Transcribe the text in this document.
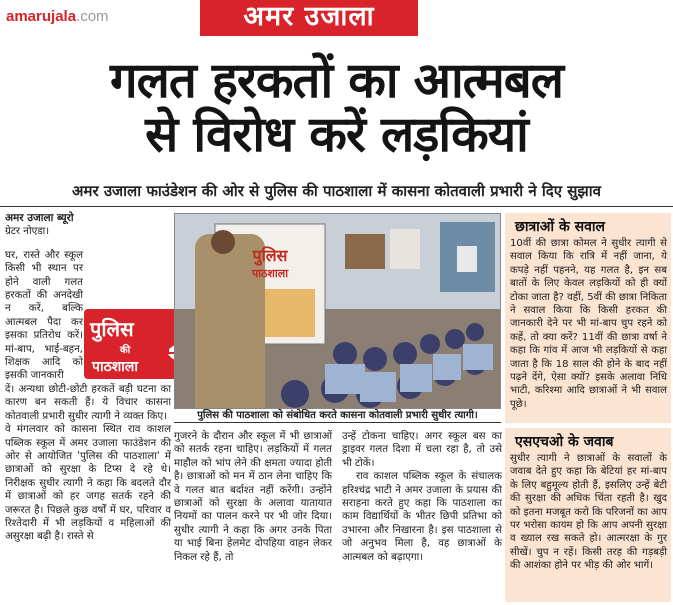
amarujala.com	अमर उजाला
गलत हरकतों का आत्मबल
से विरोध करें लड़कियां
अमर उजाला फाउंडेशन की ओर से पुलिस की पाठशाला में कासना कोतवाली प्रभारी ने दिए सुझाव

अमर उजाला ब्यूरो

ग्रेटर नोएडा।

घर, रास्ते और स्कूल किसी भी स्थान पर होने वाली गलत हरकतों की अनदेखी न करें, बल्कि आत्मबल पैदा कर इसका प्रतिरोध करें। मां-बाप, भाई-बहन, शिक्षक आदि को इसकी जानकारी

दें। अन्यथा छोटी-छोटी हरकतें बड़ी घटना का कारण बन सकती हैं। ये विचार कासना कोतवाली प्रभारी सुधीर त्यागी ने व्यक्त किए।

वे मंगलवार को कासना स्थित राव काशल पब्लिक स्कूल में अमर उजाला फाउंडेशन की ओर से आयोजित 'पुलिस की पाठशाला' में छात्राओं को सुरक्षा के टिप्स दे रहे थे। निरीक्षक सुधीर त्यागी ने कहा कि बदलते दौर में छात्राओं को हर जगह सतर्क रहने की जरूरत है। पिछले कुछ वर्षों में घर, परिवार व रिश्तेदारी में भी लड़कियों व महिलाओं की असुरक्षा बढ़ी है। रास्ते से

पुलिस
की
पाठशाला
पुलिस
पाठशाला
पुलिस की पाठशाला को संबोधित करते कासना कोतवाली प्रभारी सुधीर त्यागी।

गुजरने के दौरान और स्कूल में भी छात्राओं को सतर्क रहना चाहिए। लड़कियों में गलत माहौल को भांप लेने की क्षमता ज्यादा होती है। छात्राओं को मन में ठान लेना चाहिए कि वे गलत बात बर्दाश्त नहीं करेंगी। उन्होंने छात्राओं को सुरक्षा के अलावा यातायात नियमों का पालन करने पर भी जोर दिया। सुधीर त्यागी ने कहा कि अगर उनके पिता या भाई बिना हेलमेट दोपहिया वाहन लेकर निकल रहे हैं, तो

उन्हें टोकना चाहिए। अगर स्कूल बस का ड्राइवर गलत दिशा में चला रहा है, तो उसे भी टोकें।

राव काशल पब्लिक स्कूल के संचालक हरिश्चंद्र भाटी ने अमर उजाला के प्रयास की सराहना करते हुए कहा कि पाठशाला का काम विद्यार्थियों के भीतर छिपी प्रतिभा को उभारना और निखारना है। इस पाठशाला से जो अनुभव मिला है, वह छात्राओं के आत्मबल को बढ़ाएगा।

छात्राओं के सवाल
10वीं की छात्रा कोमल ने सुधीर त्यागी से सवाल किया कि रात्रि में नहीं जाना, ये कपड़े नहीं पहनने, यह गलत है, इन सब बातों के लिए केवल लड़कियों को ही क्यों टोका जाता है? वहीं, 5वीं की छात्रा निकिता ने सवाल किया कि किसी हरकत की जानकारी देने पर भी मां-बाप चुप रहने को कहें, तो क्या करें? 11वीं की छात्रा वर्षा ने कहा कि गांव में आज भी लड़कियों से कहा जाता है कि 18 साल की होने के बाद नहीं पढ़ने देंगे, ऐसा क्यों? इसके अलावा निधि भाटी, करिश्मा आदि छात्राओं ने भी सवाल पूछे।
एसएचओ के जवाब
सुधीर त्यागी ने छात्राओं के सवालों के जवाब देते हुए कहा कि बेटियां हर मां-बाप के लिए बहुमूल्य होती हैं, इसलिए उन्हें बेटी की सुरक्षा की अधिक चिंता रहती है। खुद को इतना मजबूत करो कि परिजनों का आप पर भरोसा कायम हो कि आप अपनी सुरक्षा व ख्याल रख सकते हो। आत्मरक्षा के गुर सीखें। चुप न रहें। किसी तरह की गड़बड़ी की आशंका होने पर भीड़ की ओर भागें।
